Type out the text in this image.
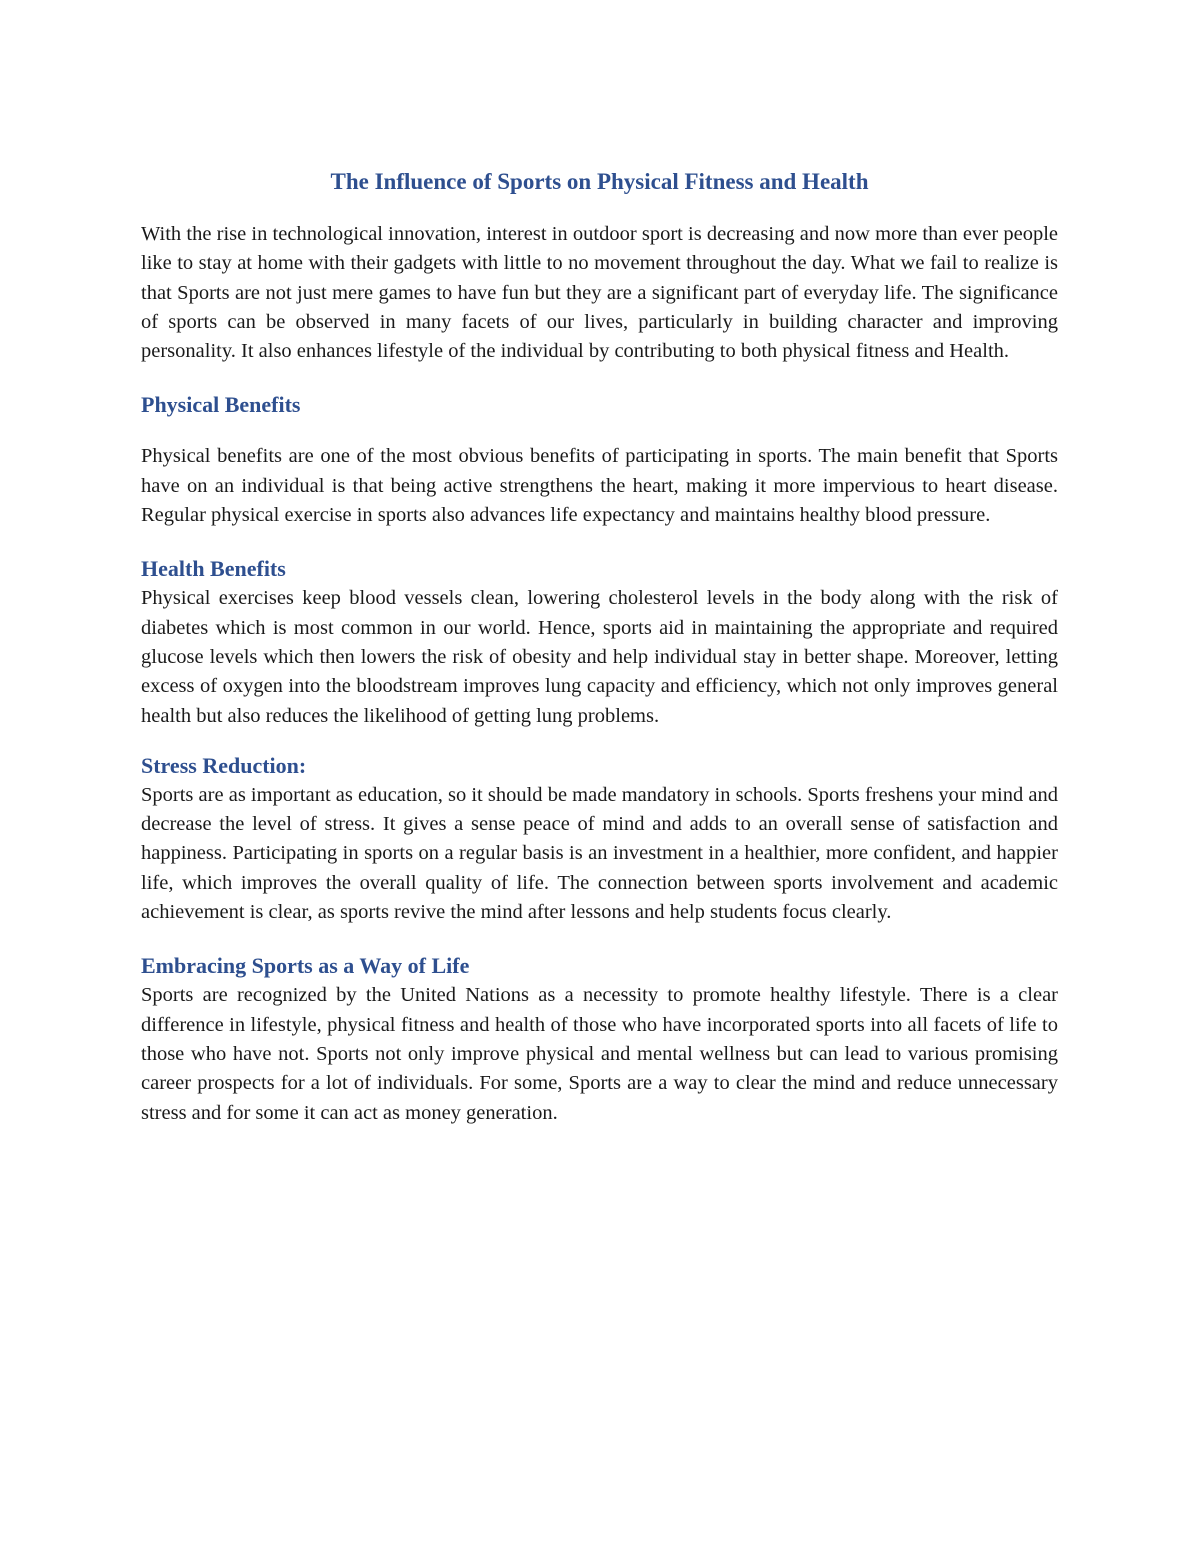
The Influence of Sports on Physical Fitness and Health

With the rise in technological innovation, interest in outdoor sport is decreasing and now more than ever people like to stay at home with their gadgets with little to no movement throughout the day. What we fail to realize is that Sports are not just mere games to have fun but they are a significant part of everyday life. The significance of sports can be observed in many facets of our lives, particularly in building character and improving personality. It also enhances lifestyle of the individual by contributing to both physical fitness and Health.

Physical Benefits

Physical benefits are one of the most obvious benefits of participating in sports. The main benefit that Sports have on an individual is that being active strengthens the heart, making it more impervious to heart disease. Regular physical exercise in sports also advances life expectancy and maintains healthy blood pressure.

Health Benefits

Physical exercises keep blood vessels clean, lowering cholesterol levels in the body along with the risk of diabetes which is most common in our world. Hence, sports aid in maintaining the appropriate and required glucose levels which then lowers the risk of obesity and help individual stay in better shape. Moreover, letting excess of oxygen into the bloodstream improves lung capacity and efficiency, which not only improves general health but also reduces the likelihood of getting lung problems.

Stress Reduction:

Sports are as important as education, so it should be made mandatory in schools. Sports freshens your mind and decrease the level of stress. It gives a sense peace of mind and adds to an overall sense of satisfaction and happiness. Participating in sports on a regular basis is an investment in a healthier, more confident, and happier life, which improves the overall quality of life. The connection between sports involvement and academic achievement is clear, as sports revive the mind after lessons and help students focus clearly.

Embracing Sports as a Way of Life

Sports are recognized by the United Nations as a necessity to promote healthy lifestyle. There is a clear difference in lifestyle, physical fitness and health of those who have incorporated sports into all facets of life to those who have not. Sports not only improve physical and mental wellness but can lead to various promising career prospects for a lot of individuals. For some, Sports are a way to clear the mind and reduce unnecessary stress and for some it can act as money generation.
